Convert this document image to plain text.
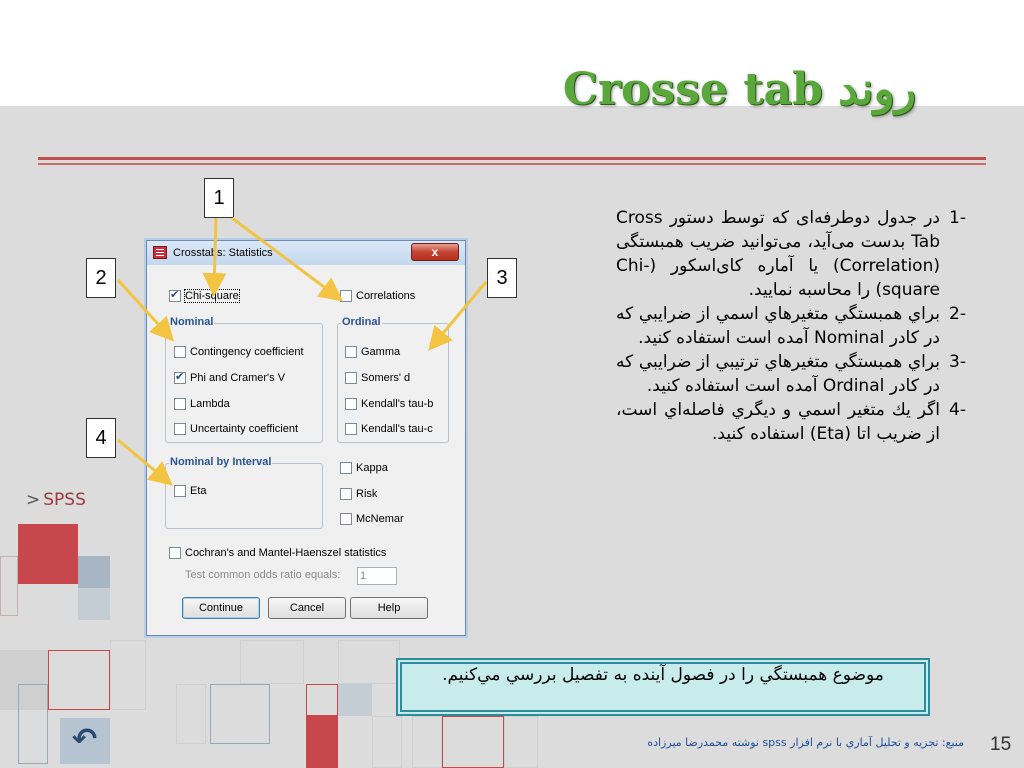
> SPSS
روند Crosse tab
Crosstabs: Statistics	x
✔
Chi-square	Correlations
Nominal
Contingency coefficient
✔
Phi and Cramer's V
Lambda
Uncertainty coefficient
Ordinal
Gamma
Somers' d
Kendall's tau-b
Kendall's tau-c
Nominal by Interval
Eta
Kappa
Risk
McNemar
Cochran's and Mantel-Haenszel statistics
Test common odds ratio equals: 1
Continue	Cancel	Help
1
2	3
4
-1
در جدول دوطرفه‌ای كه توسط دستور Cross Tab بدست می‌آيد، می‌توانيد ضريب همبستگی (Correlation) يا آماره كای‌اسكور (Chi-square) را محاسبه نماييد.
-2
براي همبستگي متغيرهاي اسمي از ضرايبي كه در كادر Nominal آمده است استفاده كنيد.
-3
براي همبستگي متغيرهاي ترتيبي از ضرايبي كه در كادر Ordinal آمده است استفاده كنيد.
-4
اگر يك متغير اسمي و ديگري فاصله‌اي است، از ضريب اتا (Eta) استفاده كنيد.
موضوع همبستگي را در فصول آينده به تفصيل بررسي مي‌كنيم.
↶	منبع: تجزيه و تحليل آماري با نرم افزار spss نوشته محمدرضا ميرزاده 15
